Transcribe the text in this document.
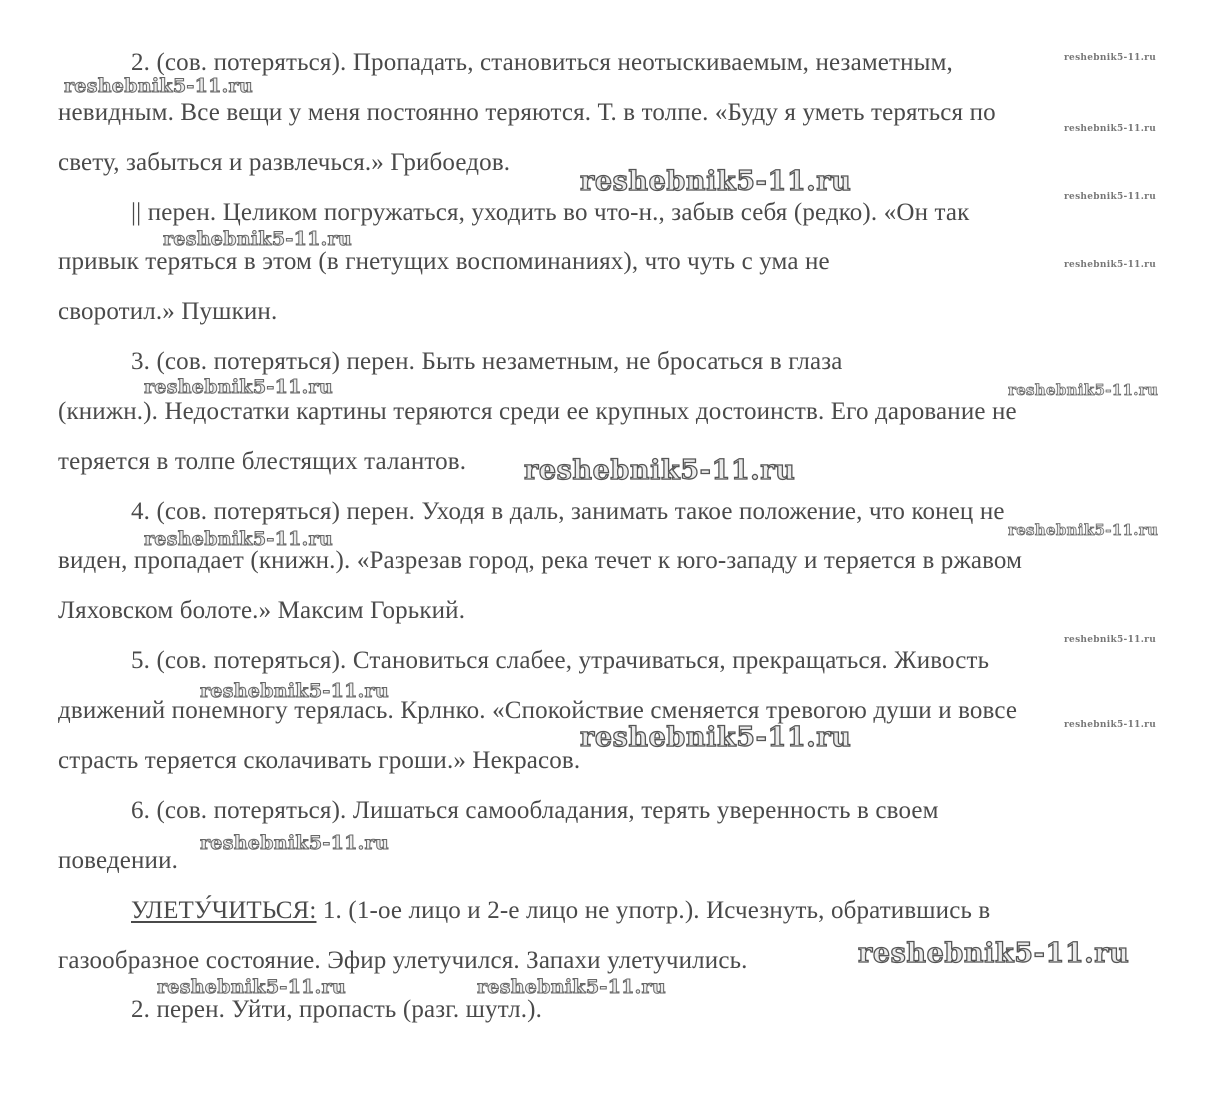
2. (сов. потеряться). Пропадать, становиться неотыскиваемым, незаметным,
невидным. Все вещи у меня постоянно теряются. Т. в толпе. «Буду я уметь теряться по
свету, забыться и развлечься.» Грибоедов.
|| перен. Целиком погружаться, уходить во что-н., забыв себя (редко). «Он так
привык теряться в этом (в гнетущих воспоминаниях), что чуть с ума не
своротил.» Пушкин.
3. (сов. потеряться) перен. Быть незаметным, не бросаться в глаза
(книжн.). Недостатки картины теряются среди ее крупных достоинств. Его дарование не
теряется в толпе блестящих талантов.
4. (сов. потеряться) перен. Уходя в даль, занимать такое положение, что конец не
виден, пропадает (книжн.). «Разрезав город, река течет к юго-западу и теряется в ржавом
Ляховском болоте.» Максим Горький.
5. (сов. потеряться). Становиться слабее, утрачиваться, прекращаться. Живость
движений понемногу терялась. Крлнко. «Спокойствие сменяется тревогою души и вовсе
страсть теряется сколачивать гроши.» Некрасов.
6. (сов. потеряться). Лишаться самообладания, терять уверенность в своем
поведении.
УЛЕТУ́ЧИТЬСЯ: 1. (1-ое лицо и 2-е лицо не употр.). Исчезнуть, обратившись в
газообразное состояние. Эфир улетучился. Запахи улетучились.
2. перен. Уйти, пропасть (разг. шутл.).
reshebnik5-11.ru
reshebnik5-11.ru
reshebnik5-11.ru
reshebnik5-11.ru	reshebnik5-11.ru
reshebnik5-11.ru
reshebnik5-11.ru
reshebnik5-11.ru	reshebnik5-11.ru
reshebnik5-11.ru
reshebnik5-11.ru
reshebnik5-11.ru
reshebnik5-11.ru
reshebnik5-11.ru
reshebnik5-11.ru
reshebnik5-11.ru
reshebnik5-11.ru
reshebnik5-11.ru
reshebnik5-11.ru	reshebnik5-11.ru
